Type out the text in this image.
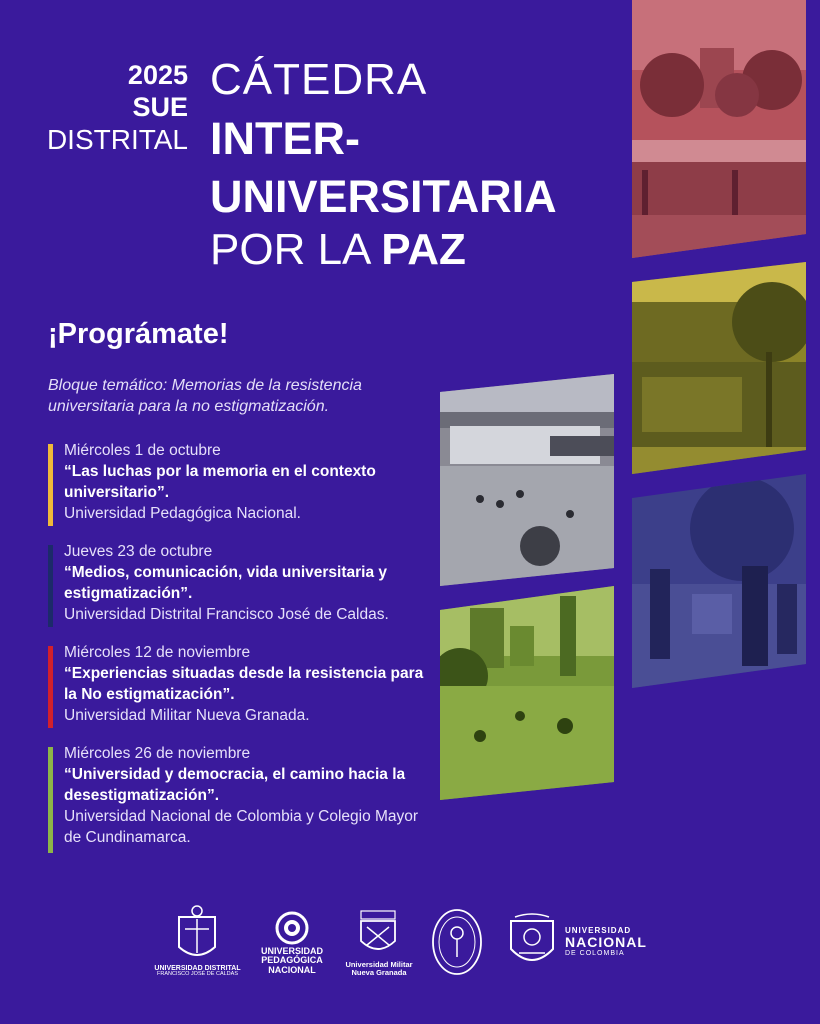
2025
SUE
DISTRITAL
CÁTEDRA
INTER-
UNIVERSITARIA
POR LA PAZ
¡Prográmate!
Bloque temático: Memorias de la resistencia universitaria para la no estigmatización.
Miércoles 1 de octubre
“Las luchas por la memoria en el contexto universitario”.
Universidad Pedagógica Nacional.
Jueves 23 de octubre
“Medios, comunicación, vida universitaria y estigmatización”.
Universidad Distrital Francisco José de Caldas.
Miércoles 12 de noviembre
“Experiencias situadas desde la resistencia para la No estigmatización”.
Universidad Militar Nueva Granada.
Miércoles 26 de noviembre
“Universidad y democracia, el camino hacia la desestigmatización”.
Universidad Nacional de Colombia y Colegio Mayor de Cundinamarca.
UNIVERSIDAD DISTRITAL
FRANCISCO JOSÉ DE CALDAS
UNIVERSIDAD
PEDAGÓGICA
NACIONAL
Universidad Militar
Nueva Granada
UNIVERSIDAD
NACIONAL
DE COLOMBIA
